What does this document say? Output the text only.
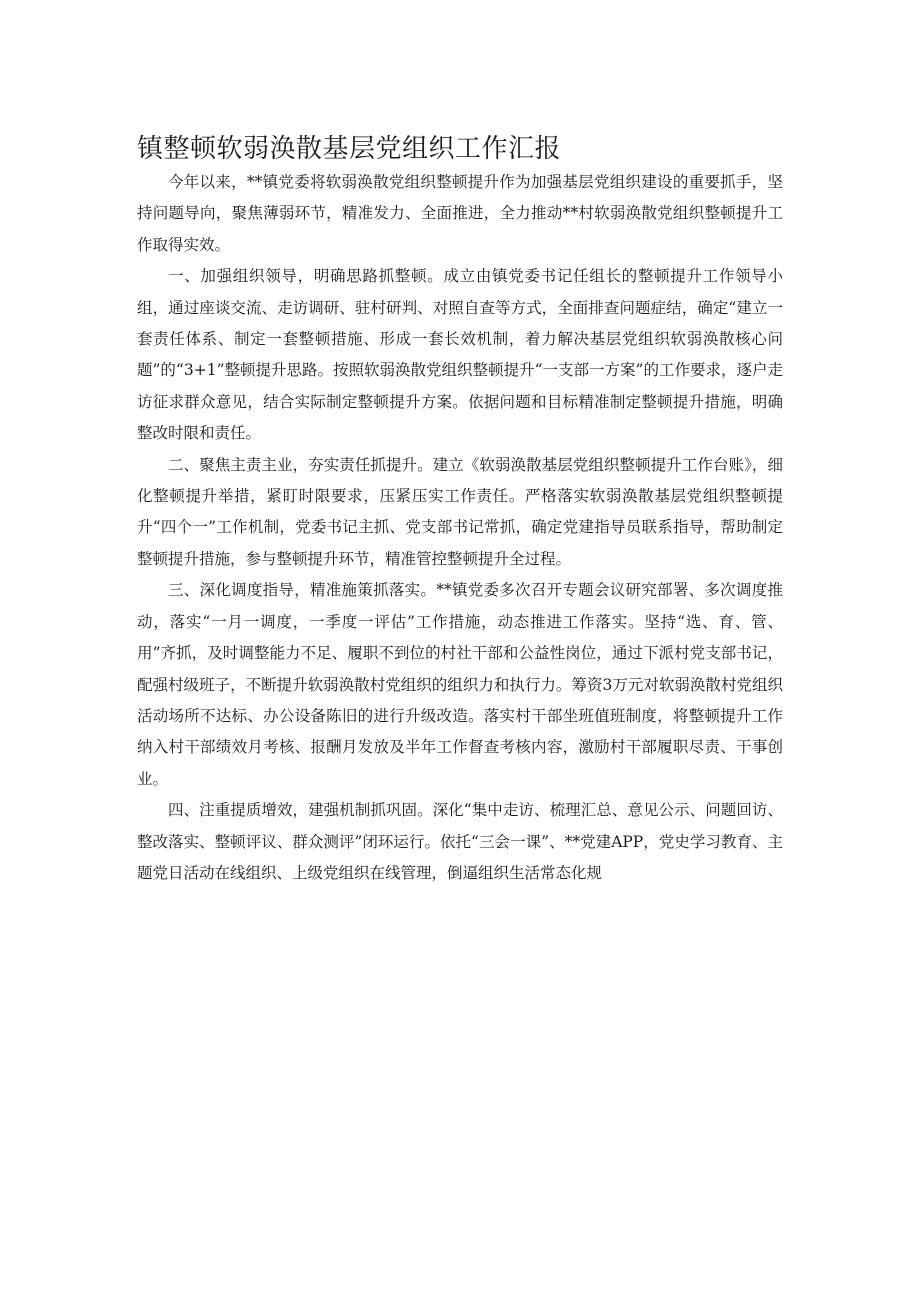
镇整顿软弱涣散基层党组织工作汇报

今年以来，**镇党委将软弱涣散党组织整顿提升作为加强基层党组织建设的重要抓手，坚持问题导向，聚焦薄弱环节，精准发力、全面推进，全力推动**村软弱涣散党组织整顿提升工作取得实效。

一、加强组织领导，明确思路抓整顿。成立由镇党委书记任组长的整顿提升工作领导小组，通过座谈交流、走访调研、驻村研判、对照自查等方式，全面排查问题症结，确定“建立一套责任体系、制定一套整顿措施、形成一套长效机制，着力解决基层党组织软弱涣散核心问题”的“3+1”整顿提升思路。按照软弱涣散党组织整顿提升“一支部一方案”的工作要求，逐户走访征求群众意见，结合实际制定整顿提升方案。依据问题和目标精准制定整顿提升措施，明确整改时限和责任。

二、聚焦主责主业，夯实责任抓提升。建立《软弱涣散基层党组织整顿提升工作台账》，细化整顿提升举措，紧盯时限要求，压紧压实工作责任。严格落实软弱涣散基层党组织整顿提升“四个一”工作机制，党委书记主抓、党支部书记常抓，确定党建指导员联系指导，帮助制定整顿提升措施，参与整顿提升环节，精准管控整顿提升全过程。

三、深化调度指导，精准施策抓落实。**镇党委多次召开专题会议研究部署、多次调度推动，落实“一月一调度，一季度一评估”工作措施，动态推进工作落实。坚持“选、育、管、用”齐抓，及时调整能力不足、履职不到位的村社干部和公益性岗位，通过下派村党支部书记，配强村级班子，不断提升软弱涣散村党组织的组织力和执行力。筹资3万元对软弱涣散村党组织活动场所不达标、办公设备陈旧的进行升级改造。落实村干部坐班值班制度，将整顿提升工作纳入村干部绩效月考核、报酬月发放及半年工作督查考核内容，激励村干部履职尽责、干事创业。

四、注重提质增效，建强机制抓巩固。深化“集中走访、梳理汇总、意见公示、问题回访、整改落实、整顿评议、群众测评”闭环运行。依托“三会一课”、**党建APP，党史学习教育、主题党日活动在线组织、上级党组织在线管理，倒逼组织生活常态化规
